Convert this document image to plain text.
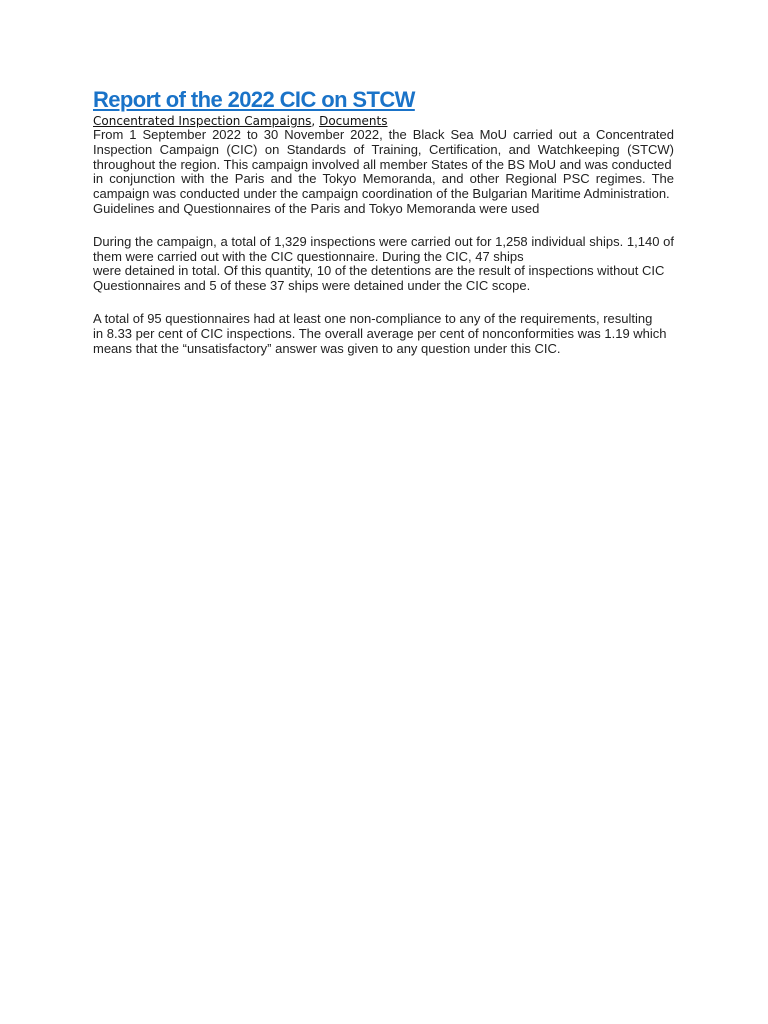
Report of the 2022 CIC on STCW

Concentrated Inspection Campaigns, Documents

From 1 September 2022 to 30 November 2022, the Black Sea MoU carried out a Concentrated Inspection Campaign (CIC) on Standards of Training, Certification, and Watchkeeping (STCW) throughout the region. This campaign involved all member States of the BS MoU and was conducted
in conjunction with the Paris and the Tokyo Memoranda, and other Regional PSC regimes. The campaign was conducted under the campaign coordination of the Bulgarian Maritime Administration.
Guidelines and Questionnaires of the Paris and Tokyo Memoranda were used

During the campaign, a total of 1,329 inspections were carried out for 1,258 individual ships. 1,140 of them were carried out with the CIC questionnaire. During the CIC, 47 ships
were detained in total. Of this quantity, 10 of the detentions are the result of inspections without CIC
Questionnaires and 5 of these 37 ships were detained under the CIC scope.

A total of 95 questionnaires had at least one non-compliance to any of the requirements, resulting
in 8.33 per cent of CIC inspections. The overall average per cent of nonconformities was 1.19 which
means that the “unsatisfactory” answer was given to any question under this CIC.
